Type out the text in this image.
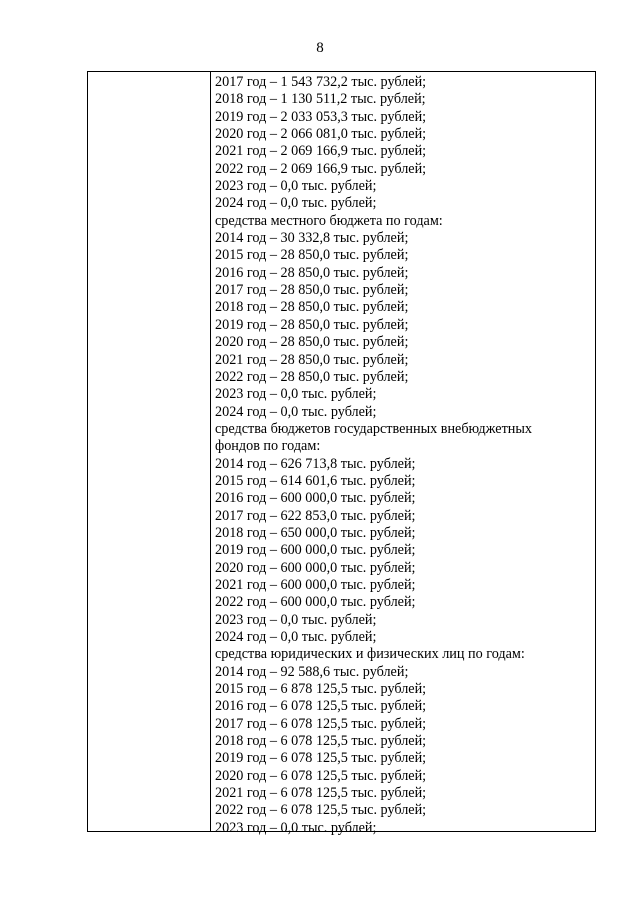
8
2017 год – 1 543 732,2 тыс. рублей;
2018 год – 1 130 511,2 тыс. рублей;
2019 год – 2 033 053,3 тыс. рублей;
2020 год – 2 066 081,0 тыс. рублей;
2021 год – 2 069 166,9 тыс. рублей;
2022 год – 2 069 166,9 тыс. рублей;
2023 год – 0,0 тыс. рублей;
2024 год – 0,0 тыс. рублей;
средства местного бюджета по годам:
2014 год – 30 332,8 тыс. рублей;
2015 год – 28 850,0 тыс. рублей;
2016 год – 28 850,0 тыс. рублей;
2017 год – 28 850,0 тыс. рублей;
2018 год – 28 850,0 тыс. рублей;
2019 год – 28 850,0 тыс. рублей;
2020 год – 28 850,0 тыс. рублей;
2021 год – 28 850,0 тыс. рублей;
2022 год – 28 850,0 тыс. рублей;
2023 год – 0,0 тыс. рублей;
2024 год – 0,0 тыс. рублей;
средства бюджетов государственных внебюджетных
фондов по годам:
2014 год – 626 713,8 тыс. рублей;
2015 год – 614 601,6 тыс. рублей;
2016 год – 600 000,0 тыс. рублей;
2017 год – 622 853,0 тыс. рублей;
2018 год – 650 000,0 тыс. рублей;
2019 год – 600 000,0 тыс. рублей;
2020 год – 600 000,0 тыс. рублей;
2021 год – 600 000,0 тыс. рублей;
2022 год – 600 000,0 тыс. рублей;
2023 год – 0,0 тыс. рублей;
2024 год – 0,0 тыс. рублей;
средства юридических и физических лиц по годам:
2014 год – 92 588,6 тыс. рублей;
2015 год – 6 878 125,5 тыс. рублей;
2016 год – 6 078 125,5 тыс. рублей;
2017 год – 6 078 125,5 тыс. рублей;
2018 год – 6 078 125,5 тыс. рублей;
2019 год – 6 078 125,5 тыс. рублей;
2020 год – 6 078 125,5 тыс. рублей;
2021 год – 6 078 125,5 тыс. рублей;
2022 год – 6 078 125,5 тыс. рублей;
2023 год – 0,0 тыс. рублей;
